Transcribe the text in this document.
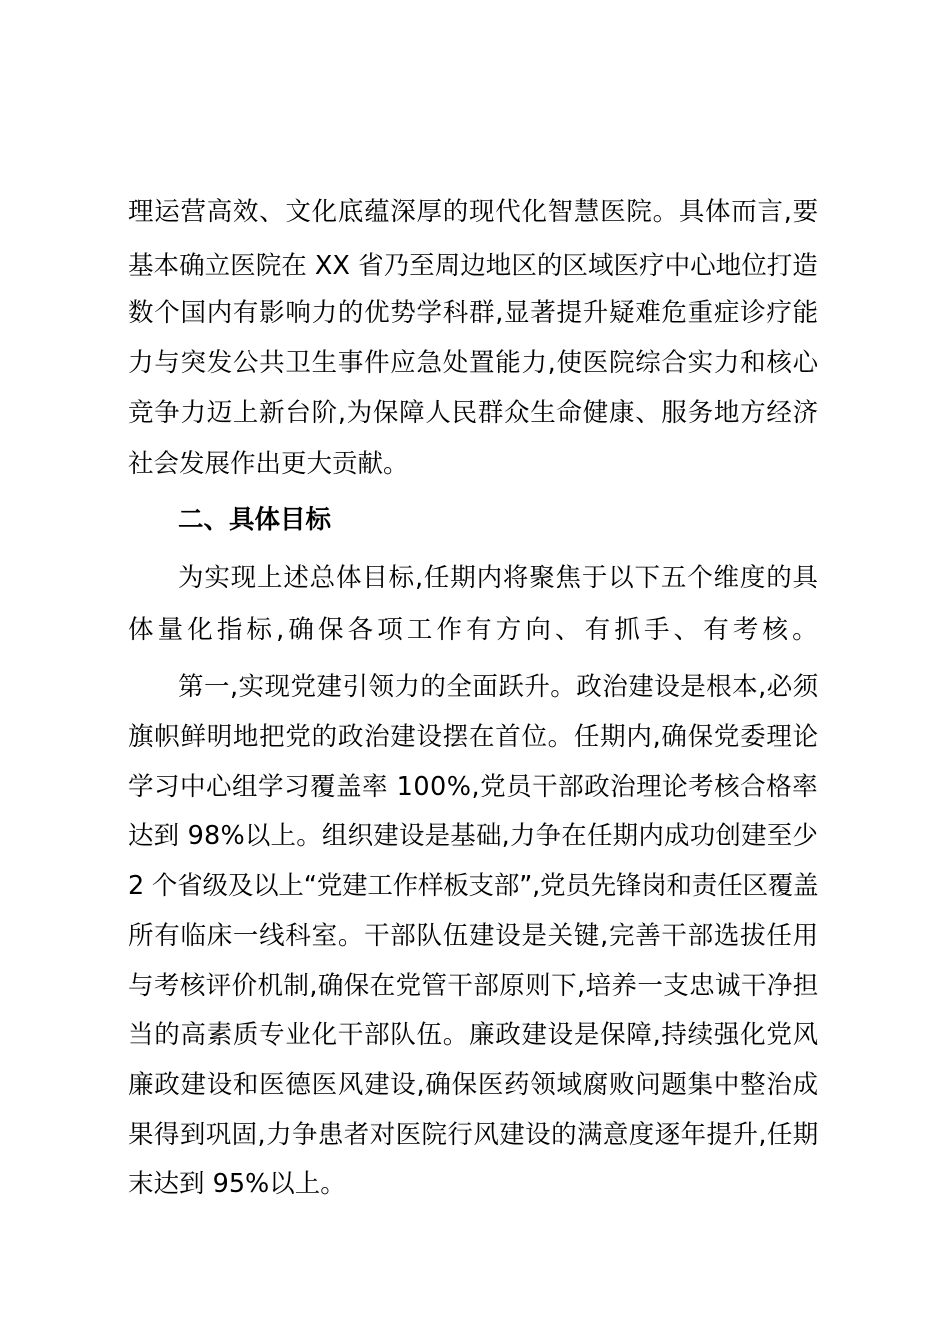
理运营高效、文化底蕴深厚的现代化智慧医院。具体而言,要
基本确立医院在 XX 省乃至周边地区的区域医疗中心地位打造
数个国内有影响力的优势学科群,显著提升疑难危重症诊疗能
力与突发公共卫生事件应急处置能力,使医院综合实力和核心
竞争力迈上新台阶,为保障人民群众生命健康、服务地方经济
社会发展作出更大贡献。
二、具体目标
为实现上述总体目标,任期内将聚焦于以下五个维度的具
体量化指标,确保各项工作有方向、有抓手、有考核。
第一,实现党建引领力的全面跃升。政治建设是根本,必须
旗帜鲜明地把党的政治建设摆在首位。任期内,确保党委理论
学习中心组学习覆盖率 100%,党员干部政治理论考核合格率
达到 98%以上。组织建设是基础,力争在任期内成功创建至少
2 个省级及以上“党建工作样板支部”,党员先锋岗和责任区覆盖
所有临床一线科室。干部队伍建设是关键,完善干部选拔任用
与考核评价机制,确保在党管干部原则下,培养一支忠诚干净担
当的高素质专业化干部队伍。廉政建设是保障,持续强化党风
廉政建设和医德医风建设,确保医药领域腐败问题集中整治成
果得到巩固,力争患者对医院行风建设的满意度逐年提升,任期
末达到 95%以上。
